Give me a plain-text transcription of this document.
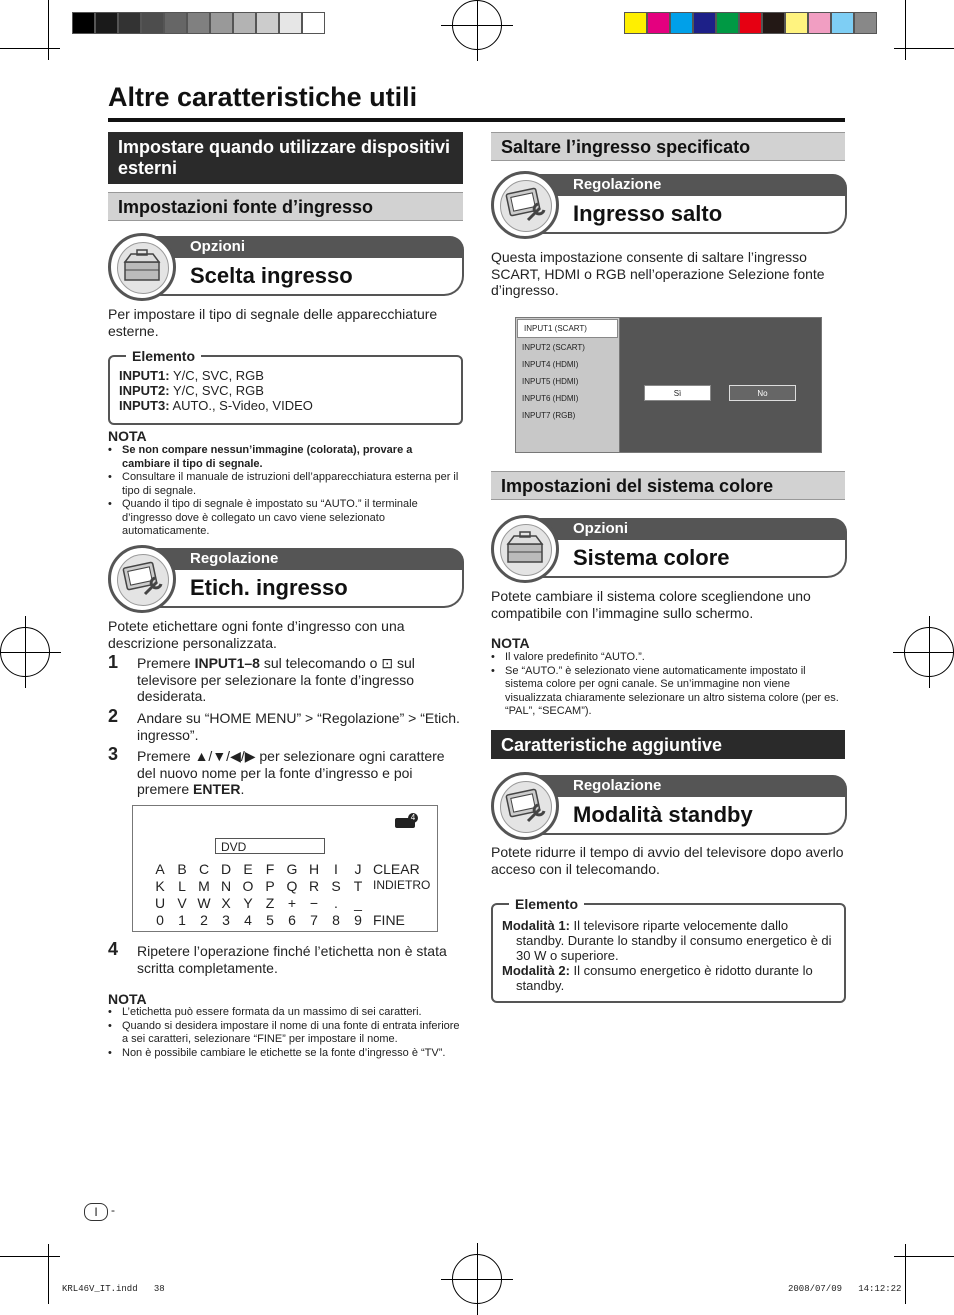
Altre caratteristiche utili
Impostare quando utilizzare dispositivi esterni
Impostazioni fonte d’ingresso
Opzioni
Scelta ingresso
Per impostare il tipo di segnale delle apparecchiature esterne.
Elemento
INPUT1: Y/C, SVC, RGB
INPUT2: Y/C, SVC, RGB
INPUT3: AUTO., S-Video, VIDEO
NOTA
• Se non compare nessun’immagine (colorata), provare a cambiare il tipo di segnale.
• Consultare il manuale de istruzioni dell’apparecchiatura esterna per il tipo di segnale.
• Quando il tipo di segnale è impostato su “AUTO.” il terminale d’ingresso dove è collegato un cavo viene selezionato automaticamente.
Regolazione
Etich. ingresso
Potete etichettare ogni fonte d’ingresso con una descrizione personalizzata.
1 Premere INPUT1–8 sul telecomando o ⊡ sul televisore per selezionare la fonte d’ingresso desiderata.
2 Andare su “HOME MENU” > “Regolazione” > “Etich. ingresso”.
3 Premere ▲/▼/◀/▶ per selezionare ogni carattere del nuovo nome per la fonte d’ingresso e poi premere ENTER.
DVD
4
A B C D E F G H	I	J CLEAR
K L M N O P Q R S T INDIETRO
U V W X Y Z + −	.	_
0	1	2	3	4	5	6	7	8	9 FINE
4 Ripetere l’operazione finché l’etichetta non è stata scritta completamente.
NOTA
• L’etichetta può essere formata da un massimo di sei caratteri.
• Quando si desidera impostare il nome di una fonte di entrata inferiore a sei caratteri, selezionare “FINE” per impostare il nome.
• Non è possibile cambiare le etichette se la fonte d’ingresso è “TV”.
Saltare l’ingresso specificato
Regolazione
Ingresso salto
Questa impostazione consente di saltare l’ingresso SCART, HDMI o RGB nell’operazione Selezione fonte d’ingresso.
INPUT1 (SCART)
INPUT2 (SCART)
INPUT4 (HDMI)
INPUT5 (HDMI)
INPUT6 (HDMI)
INPUT7 (RGB)
Sì	No
Impostazioni del sistema colore
Opzioni
Sistema colore
Potete cambiare il sistema colore scegliendone uno compatibile con l’immagine sullo schermo.
NOTA
• Il valore predefinito “AUTO.”.
• Se “AUTO.” è selezionato viene automaticamente impostato il sistema colore per ogni canale. Se un’immagine non viene visualizzata chiaramente selezionare un altro sistema colore (per es. “PAL”, “SECAM”).
Caratteristiche aggiuntive
Regolazione
Modalità standby
Potete ridurre il tempo di avvio del televisore dopo averlo acceso con il telecomando.
Elemento
Modalità 1: Il televisore riparte velocemente dallo standby. Durante lo standby il consumo energetico è di 30 W o superiore.
Modalità 2: Il consumo energetico è ridotto durante lo standby.
I	-
KRL46V_IT.indd   38	2008/07/09   14:12:22
